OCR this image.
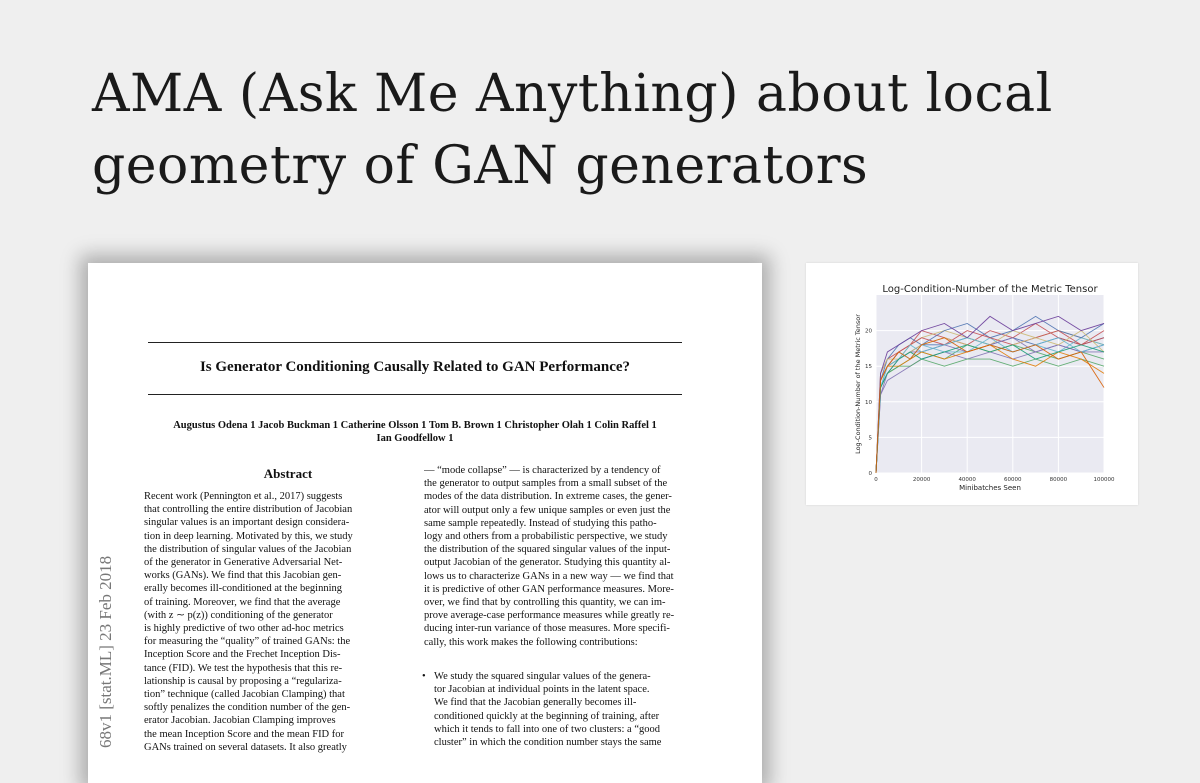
AMA (Ask Me Anything) about local
geometry of GAN generators
Is Generator Conditioning Causally Related to GAN Performance?
Augustus Odena 1 Jacob Buckman 1 Catherine Olsson 1 Tom B. Brown 1 Christopher Olah 1 Colin Raffel 1
Ian Goodfellow 1
Abstract
Recent work (Pennington et al., 2017) suggests
that controlling the entire distribution of Jacobian
singular values is an important design considera-
tion in deep learning. Motivated by this, we study
the distribution of singular values of the Jacobian
of the generator in Generative Adversarial Net-
works (GANs). We find that this Jacobian gen-
erally becomes ill-conditioned at the beginning
of training. Moreover, we find that the average
(with z ∼ p(z)) conditioning of the generator
is highly predictive of two other ad-hoc metrics
for measuring the “quality” of trained GANs: the
Inception Score and the Frechet Inception Dis-
tance (FID). We test the hypothesis that this re-
lationship is causal by proposing a “regulariza-
tion” technique (called Jacobian Clamping) that
softly penalizes the condition number of the gen-
erator Jacobian. Jacobian Clamping improves
the mean Inception Score and the mean FID for
GANs trained on several datasets. It also greatly
— “mode collapse” — is characterized by a tendency of
the generator to output samples from a small subset of the
modes of the data distribution. In extreme cases, the gener-
ator will output only a few unique samples or even just the
same sample repeatedly. Instead of studying this patho-
logy and others from a probabilistic perspective, we study
the distribution of the squared singular values of the input-
output Jacobian of the generator. Studying this quantity al-
lows us to characterize GANs in a new way — we find that
it is predictive of other GAN performance measures. More-
over, we find that by controlling this quantity, we can im-
prove average-case performance measures while greatly re-
ducing inter-run variance of those measures. More specifi-
cally, this work makes the following contributions:
• We study the squared singular values of the genera-
tor Jacobian at individual points in the latent space.
We find that the Jacobian generally becomes ill-
conditioned quickly at the beginning of training, after
which it tends to fall into one of two clusters: a “good
cluster” in which the condition number stays the same
68v1 [stat.ML] 23 Feb 2018
0	20000	40000	60000	80000	100000
0
5
10
15
20
Log-Condition-Number of the Metric Tensor
Minibatches Seen
Log-Condition-Number of the Metric Tensor
